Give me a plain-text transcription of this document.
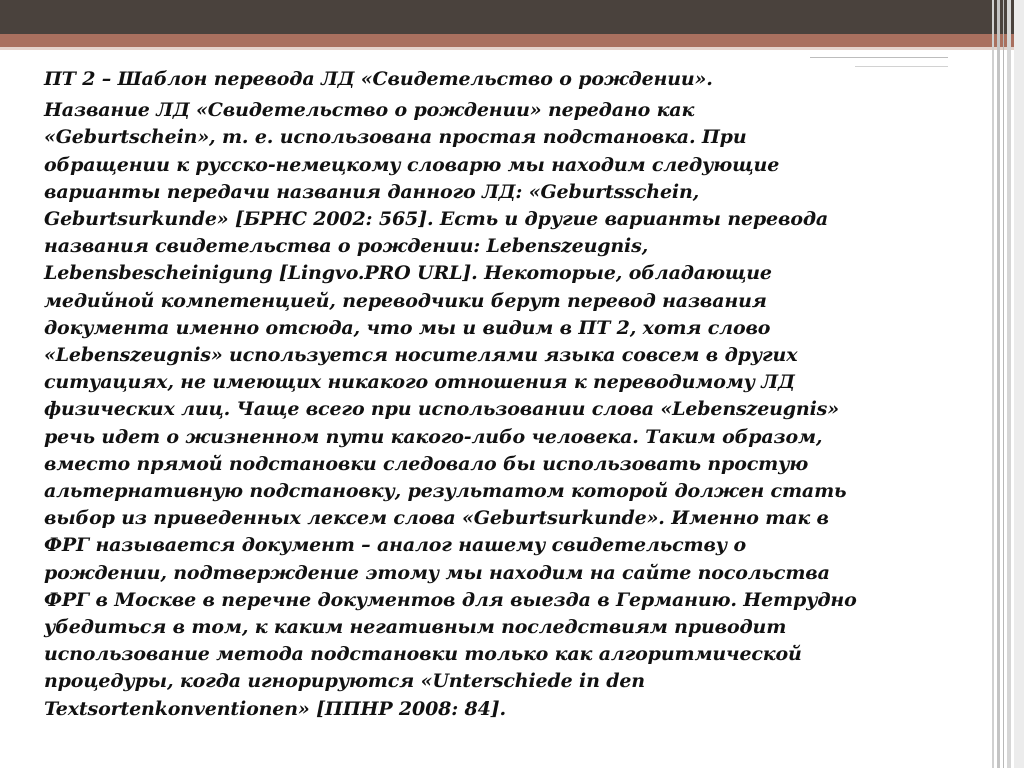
ПТ 2 – Шаблон перевода ЛД «Свидетельство о рождении».
Название ЛД «Свидетельство о рождении» передано как
«Geburtschein», т. е. использована простая подстановка. При
обращении к русско-немецкому словарю мы находим следующие
варианты передачи названия данного ЛД: «Geburtsschein,
Geburtsurkunde» [БРНС 2002: 565]. Есть и другие варианты перевода
названия свидетельства о рождении: Lebenszeugnis,
Lebensbescheinigung [Lingvo.PRO URL]. Некоторые, обладающие
медийной компетенцией, переводчики берут перевод названия
документа именно отсюда, что мы и видим в ПТ 2, хотя слово
«Lebenszeugnis» используется носителями языка совсем в других
ситуациях, не имеющих никакого отношения к переводимому ЛД
физических лиц. Чаще всего при использовании слова «Lebenszeugnis»
речь идет о жизненном пути какого-либо человека. Таким образом,
вместо прямой подстановки следовало бы использовать простую
альтернативную подстановку, результатом которой должен стать
выбор из приведенных лексем слова «Geburtsurkunde». Именно так в
ФРГ называется документ – аналог нашему свидетельству о
рождении, подтверждение этому мы находим на сайте посольства
ФРГ в Москве в перечне документов для выезда в Германию. Нетрудно
убедиться в том, к каким негативным последствиям приводит
использование метода подстановки только как алгоритмической
процедуры, когда игнорируются «Unterschiede in den
Textsortenkonventionen» [ППНР 2008: 84].
